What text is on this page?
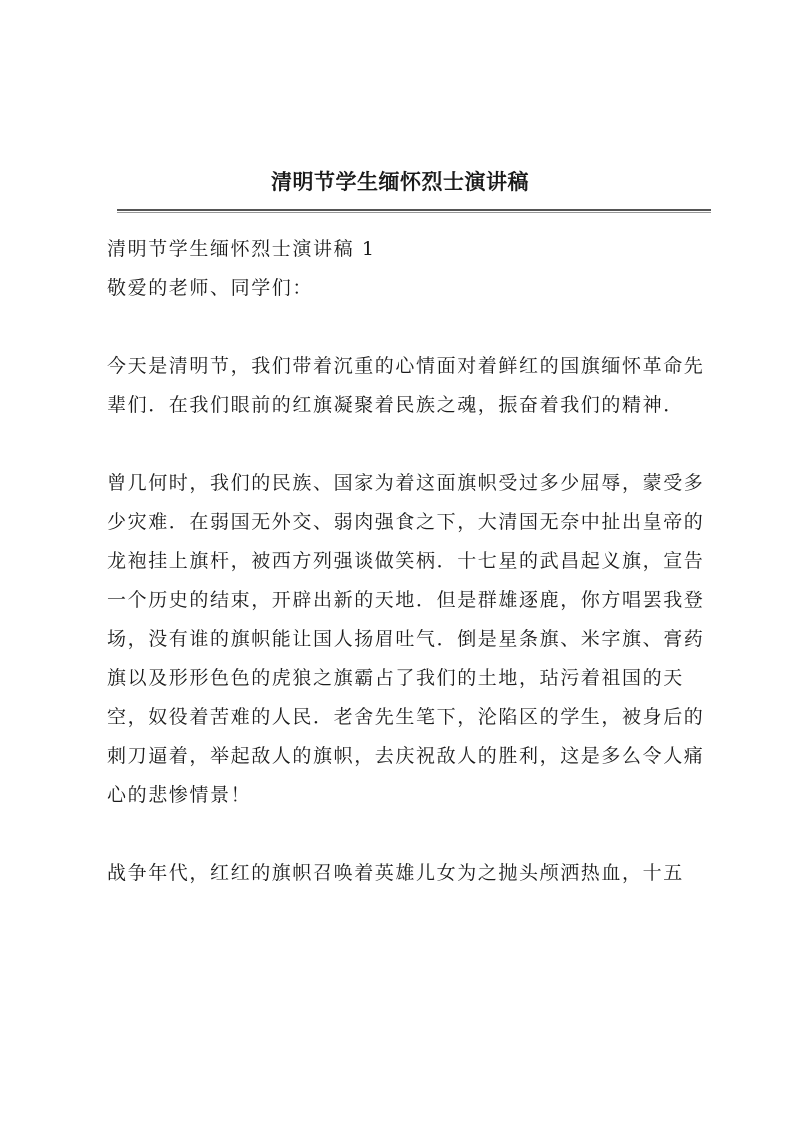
清明节学生缅怀烈士演讲稿

清明节学生缅怀烈士演讲稿 1

敬爱的老师、同学们：

今天是清明节，我们带着沉重的心情面对着鲜红的国旗缅怀革命先辈们．在我们眼前的红旗凝聚着民族之魂，振奋着我们的精神．

曾几何时，我们的民族、国家为着这面旗帜受过多少屈辱，蒙受多少灾难．在弱国无外交、弱肉强食之下，大清国无奈中扯出皇帝的龙袍挂上旗杆，被西方列强谈做笑柄．十七星的武昌起义旗，宣告一个历史的结束，开辟出新的天地．但是群雄逐鹿，你方唱罢我登场，没有谁的旗帜能让国人扬眉吐气．倒是星条旗、米字旗、膏药旗以及形形色色的虎狼之旗霸占了我们的土地，玷污着祖国的天空，奴役着苦难的人民．老舍先生笔下，沦陷区的学生，被身后的刺刀逼着，举起敌人的旗帜，去庆祝敌人的胜利，这是多么令人痛心的悲惨情景！

战争年代，红红的旗帜召唤着英雄儿女为之抛头颅洒热血，十五
